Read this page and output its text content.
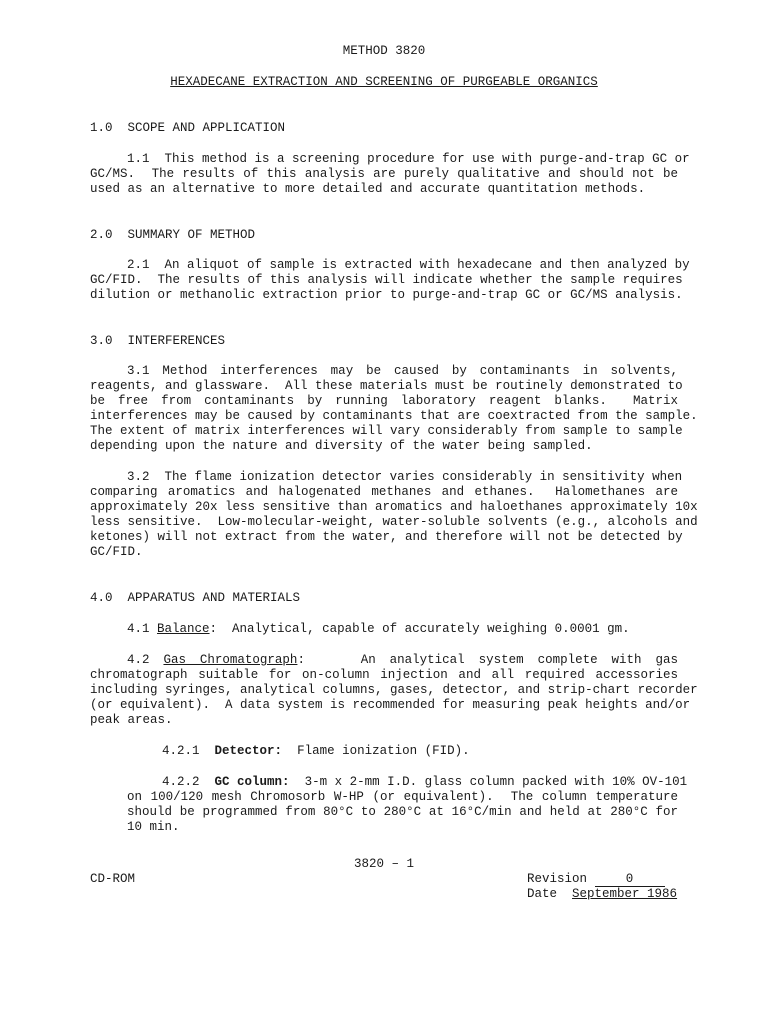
METHOD 3820
HEXADECANE EXTRACTION AND SCREENING OF PURGEABLE ORGANICS
1.0  SCOPE AND APPLICATION
1.1 This method is a screening procedure for use with purge-and-trap GC or
GC/MS.  The results of this analysis are purely qualitative and should not be
used as an alternative to more detailed and accurate quantitation methods.
2.0  SUMMARY OF METHOD
2.1 An aliquot of sample is extracted with hexadecane and then analyzed by
GC/FID.  The results of this analysis will indicate whether the sample requires
dilution or methanolic extraction prior to purge-and-trap GC or GC/MS analysis.
3.0  INTERFERENCES
3.1 Method interferences may be caused by contaminants in solvents,
reagents, and glassware.  All these materials must be routinely demonstrated to
be free from contaminants by running laboratory reagent blanks.  Matrix
interferences may be caused by contaminants that are coextracted from the sample.
The extent of matrix interferences will vary considerably from sample to sample
depending upon the nature and diversity of the water being sampled.
3.2 The flame ionization detector varies considerably in sensitivity when
comparing aromatics and halogenated methanes and ethanes.  Halomethanes are
approximately 20x less sensitive than aromatics and haloethanes approximately 10x
less sensitive.  Low-molecular-weight, water-soluble solvents (e.g., alcohols and
ketones) will not extract from the water, and therefore will not be detected by
GC/FID.
4.0  APPARATUS AND MATERIALS
4.1 Balance:  Analytical, capable of accurately weighing 0.0001 gm.
4.2 Gas Chromatograph:    An analytical system complete with gas
chromatograph suitable for on-column injection and all required accessories
including syringes, analytical columns, gases, detector, and strip-chart recorder
(or equivalent).  A data system is recommended for measuring peak heights and/or
peak areas.
4.2.1 Detector: Flame ionization (FID).
4.2.2 GC column: 3-m x 2-mm I.D. glass column packed with 10% OV-101
on 100/120 mesh Chromosorb W-HP (or equivalent).  The column temperature
should be programmed from 80°C to 280°C at 16°C/min and held at 280°C for
10 min.
3820 – 1
CD-ROM	Revision	0
Date September 1986
